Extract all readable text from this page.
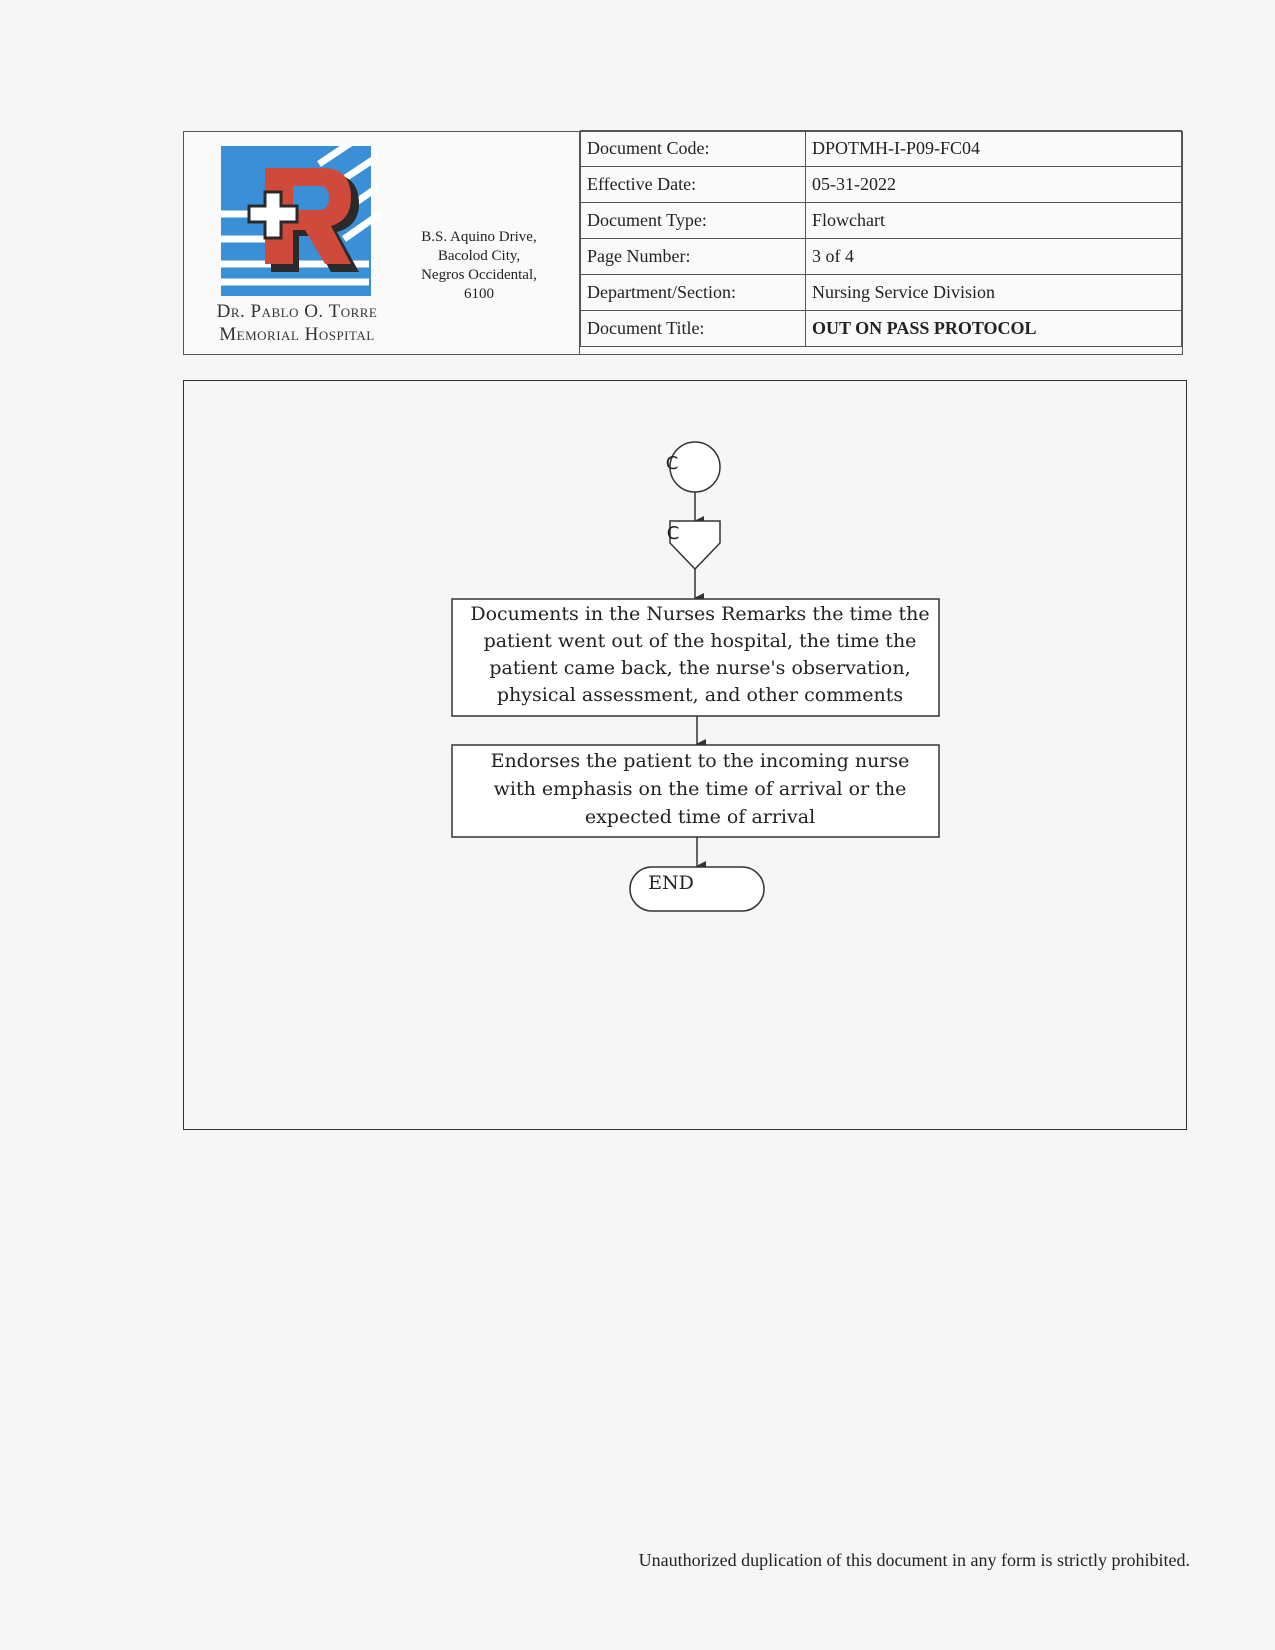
Dr. Pablo O. Torre
Memorial Hospital
B.S. Aquino Drive,
Bacolod City,
Negros Occidental,
6100
Document Code:	DPOTMH-I-P09-FC04
Effective Date:	05-31-2022
Document Type:	Flowchart
Page Number:	3 of 4
Department/Section:	Nursing Service Division
Document Title:	OUT ON PASS PROTOCOL
C
C
Documents in the Nurses Remarks the time the
patient went out of the hospital, the time the
patient came back, the nurse's observation,
physical assessment, and other comments
Endorses the patient to the incoming nurse
with emphasis on the time of arrival or the
expected time of arrival
END
Unauthorized duplication of this document in any form is strictly prohibited.
